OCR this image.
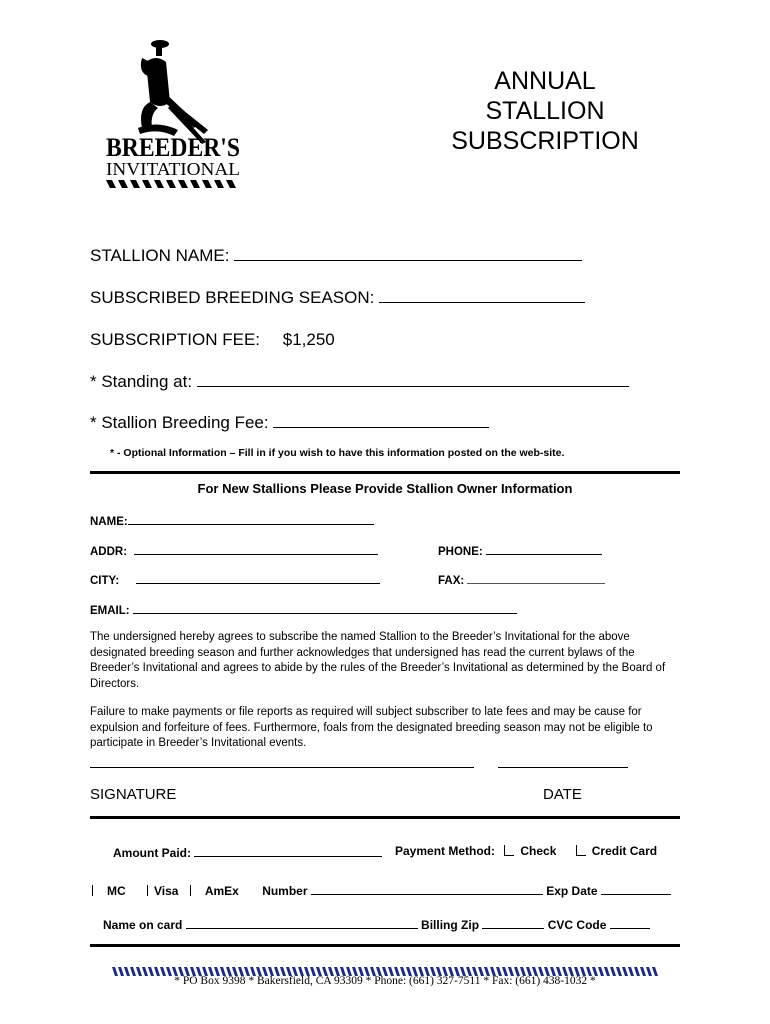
BREEDER'S
INVITATIONAL
ANNUAL
STALLION
SUBSCRIPTION
STALLION NAME:
SUBSCRIBED BREEDING SEASON:
SUBSCRIPTION FEE: $1,250
* Standing at:
* Stallion Breeding Fee:
* - Optional Information – Fill in if you wish to have this information posted on the web-site.
For New Stallions Please Provide Stallion Owner Information
NAME:
ADDR:	PHONE:
CITY:	FAX:
EMAIL:
The undersigned hereby agrees to subscribe the named Stallion to the Breeder’s Invitational for the above designated breeding season and further acknowledges that undersigned has read the current bylaws of the Breeder’s Invitational and agrees to abide by the rules of the Breeder’s Invitational as determined by the Board of Directors.
Failure to make payments or file reports as required will subject subscriber to late fees and may be cause for expulsion and forfeiture of fees. Furthermore, foals from the designated breeding season may not be eligible to participate in Breeder’s Invitational events.
SIGNATURE	DATE
Amount Paid:	Payment Method: Check	Credit Card
MC Visa AmEx Number	Exp Date
Name on card	Billing Zip	CVC Code
* PO Box 9398 * Bakersfield, CA 93309 * Phone: (661) 327-7511 * Fax: (661) 438-1032 *
